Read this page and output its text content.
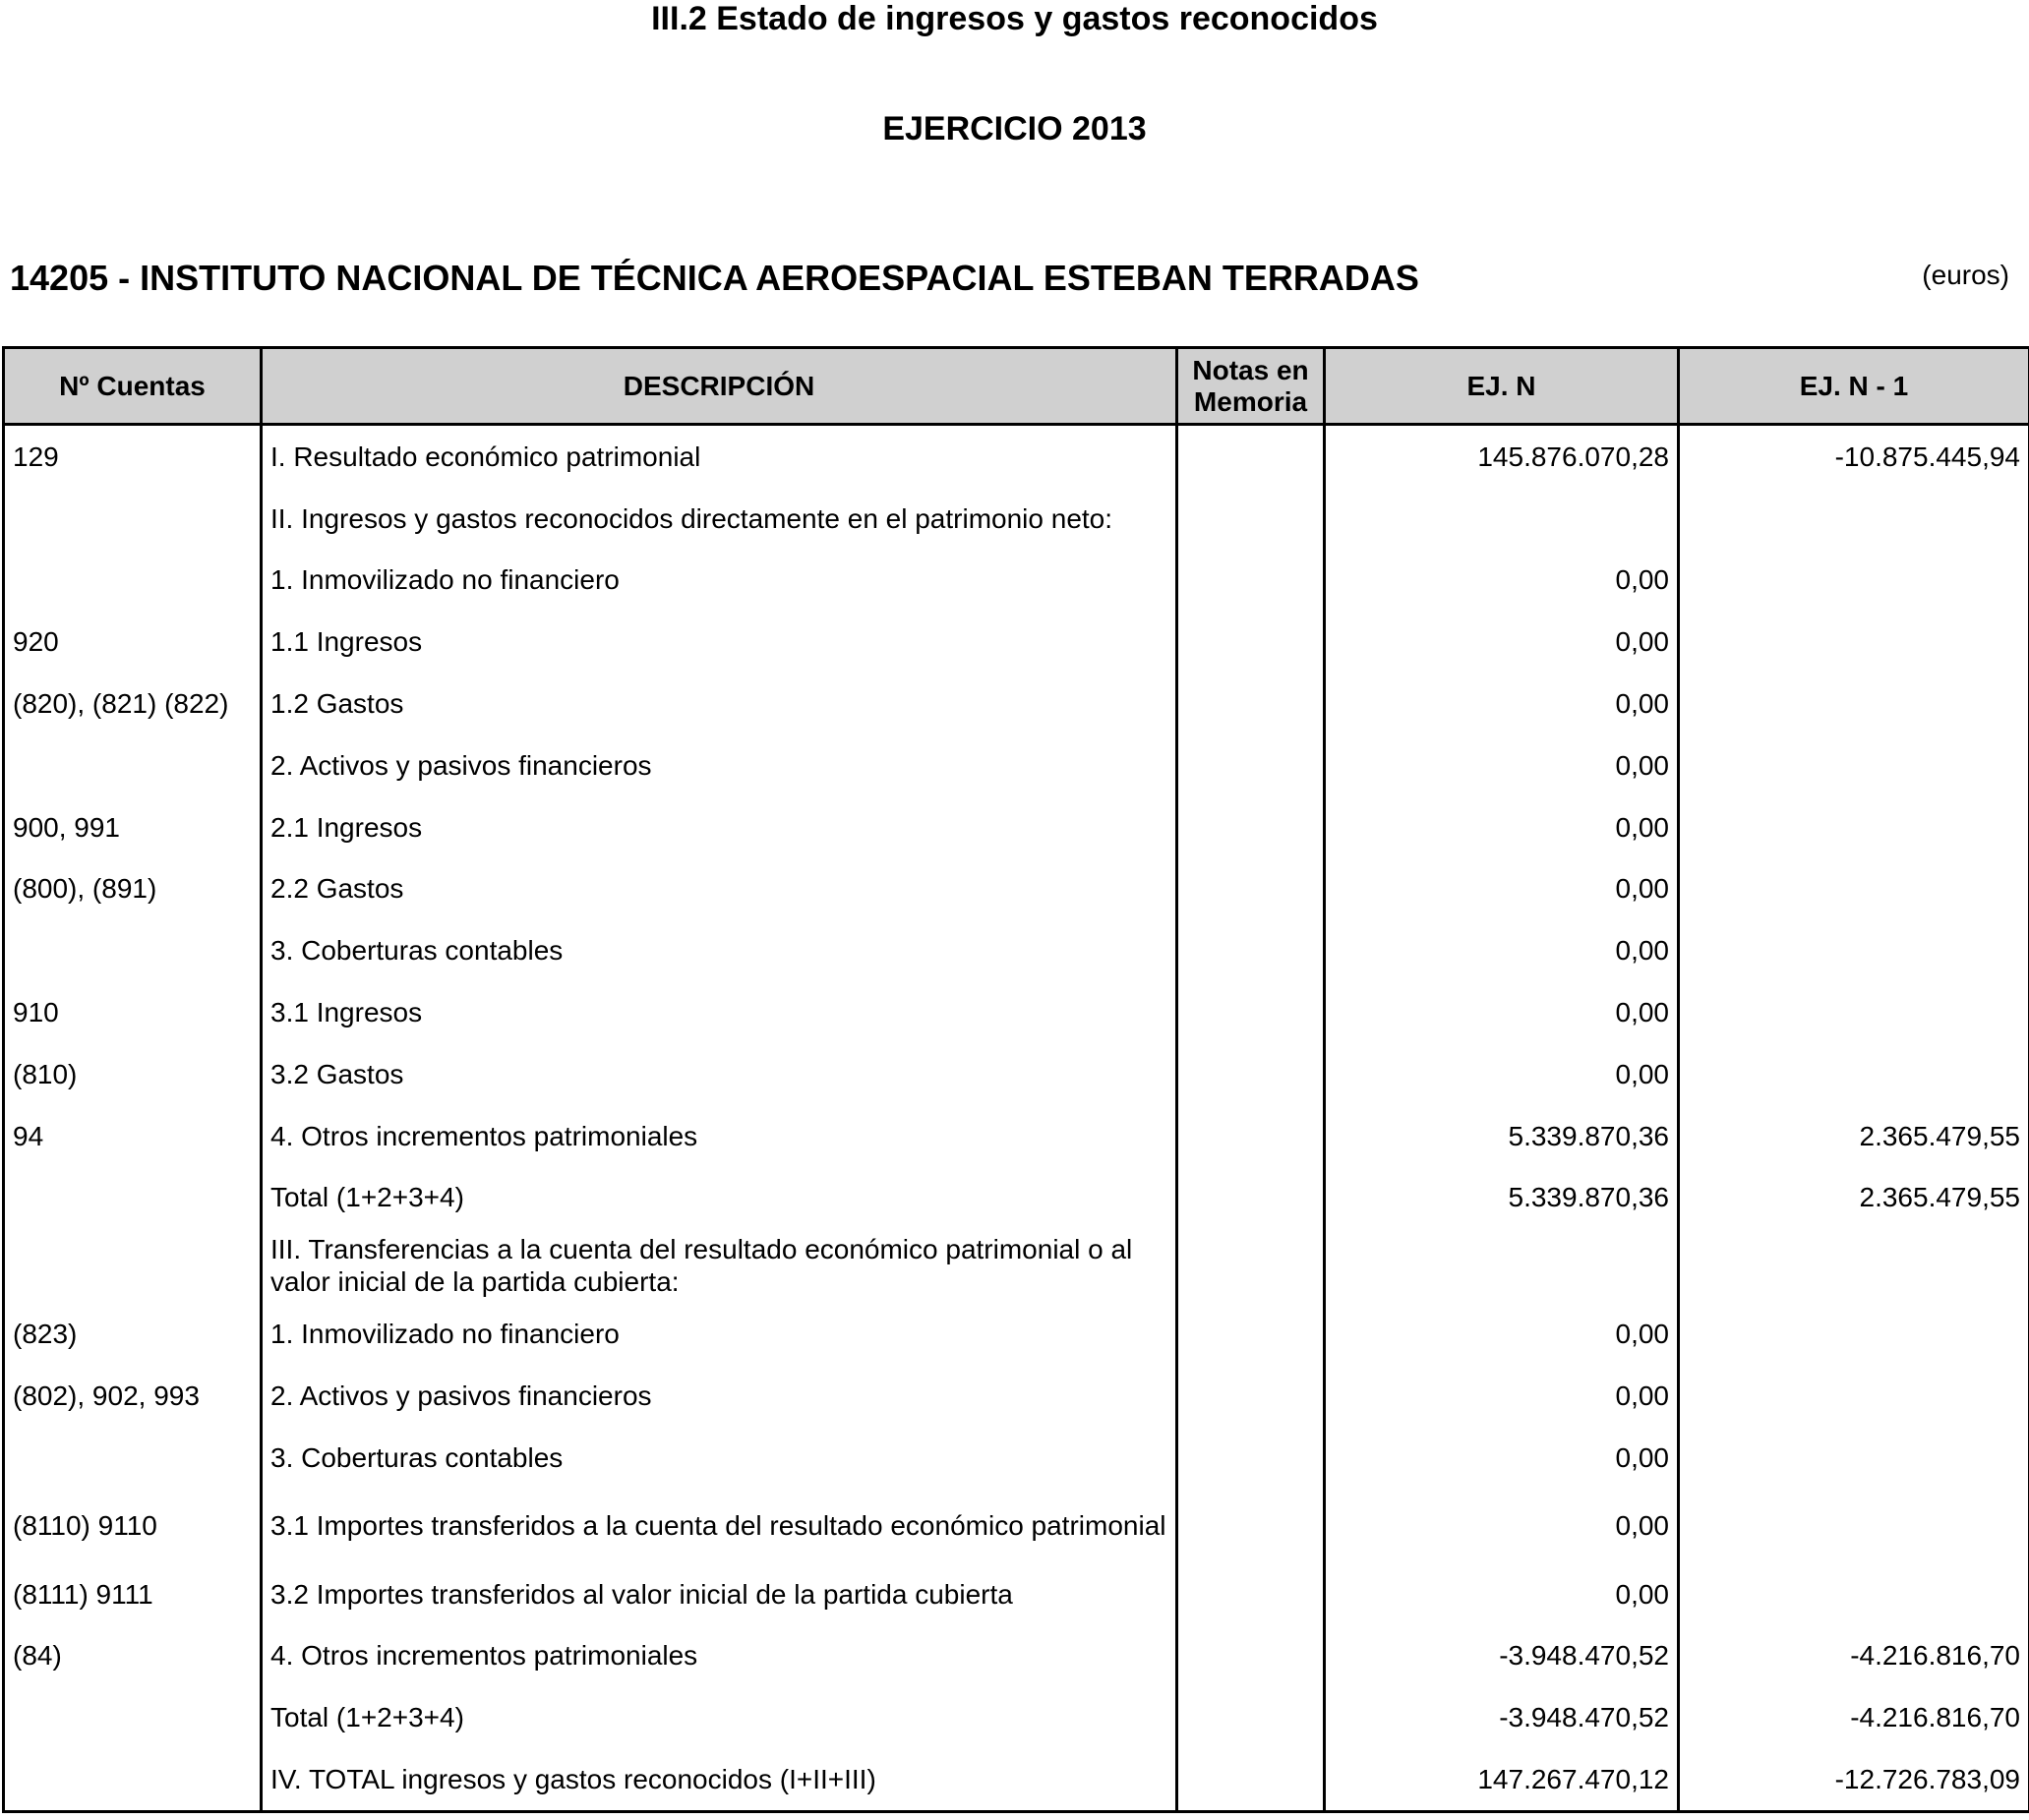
III.2 Estado de ingresos y gastos reconocidos
EJERCICIO 2013
14205 - INSTITUTO NACIONAL DE TÉCNICA AEROESPACIAL ESTEBAN TERRADAS	(euros)
Nº Cuentas	DESCRIPCIÓN	Notas en Memoria	EJ. N	EJ. N - 1
129	I. Resultado económico patrimonial		145.876.070,28	-10.875.445,94
	II. Ingresos y gastos reconocidos directamente en el patrimonio neto:			
	1. Inmovilizado no financiero		0,00	
920	1.1 Ingresos		0,00	
(820), (821) (822)	1.2 Gastos		0,00	
	2. Activos y pasivos financieros		0,00	
900, 991	2.1 Ingresos		0,00	
(800), (891)	2.2 Gastos		0,00	
	3. Coberturas contables		0,00	
910	3.1 Ingresos		0,00	
(810)	3.2 Gastos		0,00	
94	4. Otros incrementos patrimoniales		5.339.870,36	2.365.479,55
	Total (1+2+3+4)		5.339.870,36	2.365.479,55
	III. Transferencias a la cuenta del resultado económico patrimonial o al valor inicial de la partida cubierta:			
(823)	1. Inmovilizado no financiero		0,00	
(802), 902, 993	2. Activos y pasivos financieros		0,00	
	3. Coberturas contables		0,00	
(8110) 9110	3.1 Importes transferidos a la cuenta del resultado económico patrimonial		0,00	
(8111) 9111	3.2 Importes transferidos al valor inicial de la partida cubierta		0,00	
(84)	4. Otros incrementos patrimoniales		-3.948.470,52	-4.216.816,70
	Total (1+2+3+4)		-3.948.470,52	-4.216.816,70
	IV. TOTAL ingresos y gastos reconocidos (I+II+III)		147.267.470,12	-12.726.783,09
